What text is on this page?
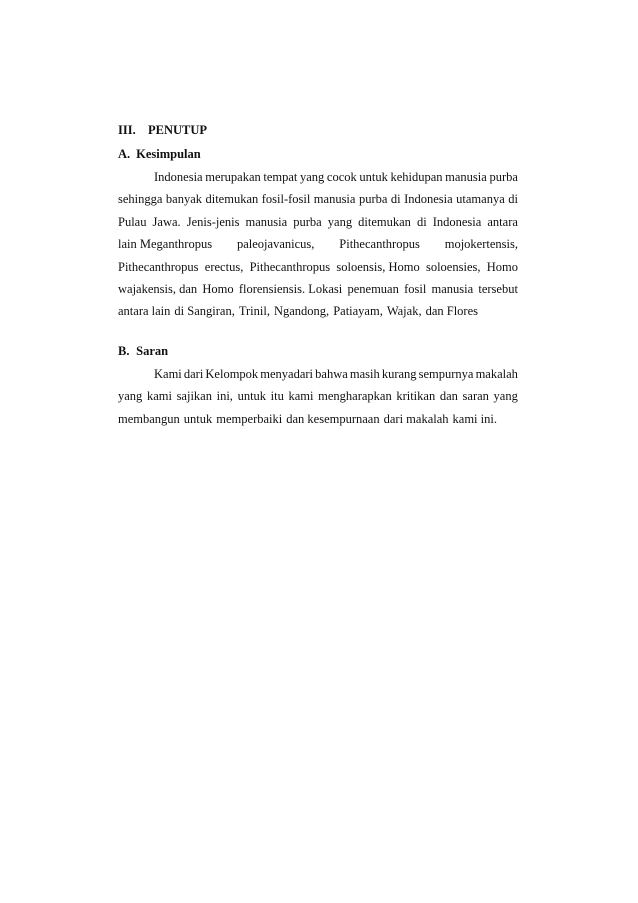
III. PENUTUP
A. Kesimpulan
Indonesia merupakan tempat yang cocok untuk kehidupan manusia purba
sehingga banyak ditemukan fosil-fosil manusia purba di Indonesia utamanya di
Pulau Jawa. Jenis-jenis manusia purba yang ditemukan di Indonesia antara
lain Meganthropus paleojavanicus, Pithecanthropus mojokertensis,
Pithecanthropus erectus, Pithecanthropus soloensis, Homo soloensies, Homo
wajakensis, dan Homo florensiensis. Lokasi penemuan fosil manusia tersebut
antara lain di Sangiran, Trinil, Ngandong, Patiayam, Wajak, dan Flores
B. Saran
Kami dari Kelompok menyadari bahwa masih kurang sempurnya makalah
yang kami sajikan ini, untuk itu kami mengharapkan kritikan dan saran yang
membangun untuk memperbaiki dan kesempurnaan dari makalah kami ini.
